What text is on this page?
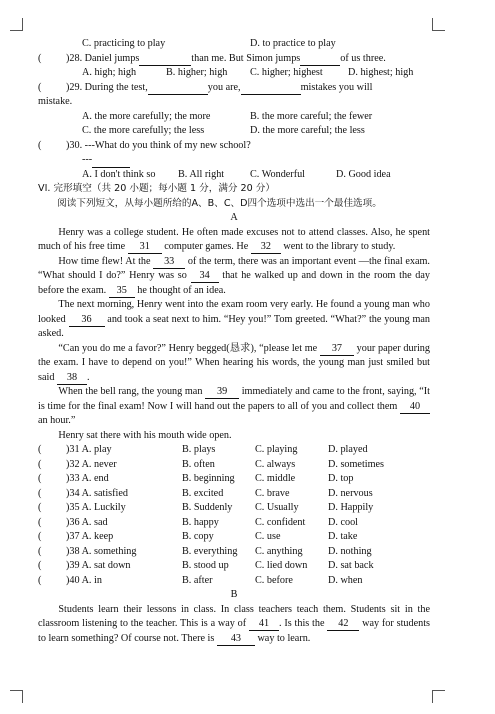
C. practicing to play	D. to practice to play
(	)28. Daniel jumps	than me. But Simon jumps	of us three.
A. high; high	B. higher; high	C. higher; highest	D. highest; high
(	)29. During the test,	you are,	mistakes you will
mistake.
A. the more carefully; the more	B. the more careful; the fewer
C. the more carefully; the less	D. the more careful; the less
(	)30. ---What do you think of my new school?
---
A. I don't think so	B. All right	C. Wonderful	D. Good idea
VI. 完形填空（共 20 小题；每小题 1 分，满分 20 分）

阅读下列短文，从每小题所给的A、B、C、D四个选项中选出一个最佳选项。

A

Henry was a college student. He often made excuses not to attend classes. Also, he spent much of his free time 31 computer games. He 32 went to the library to study.

How time flew! At the 33 of the term, there was an important event —the final exam. “What should I do?” Henry was so 34 that he walked up and down in the room the day before the exam. 35 he thought of an idea.

The next morning, Henry went into the exam room very early. He found a young man who looked 36 and took a seat next to him. “Hey you!” Tom greeted. “What?” the young man asked.

“Can you do me a favor?” Henry begged(恳求), “please let me 37 your paper during the exam. I have to depend on you!” When hearing his words, the young man just smiled but said 38 .

When the bell rang, the young man 39 immediately and came to the front, saying, “It is time for the final exam! Now I will hand out the papers to all of you and collect them 40 an hour.”

Henry sat there with his mouth wide open.

(	)31 A. play	B. plays	C. playing	D. played
(	)32 A. never	B. often	C. always	D. sometimes
(	)33 A. end	B. beginning	C. middle	D. top
(	)34 A. satisfied	B. excited	C. brave	D. nervous
(	)35 A. Luckily	B. Suddenly	C. Usually	D. Happily
(	)36 A. sad	B. happy	C. confident	D. cool
(	)37 A. keep	B. copy	C. use	D. take
(	)38 A. something	B. everything	C. anything	D. nothing
(	)39 A. sat down	B. stood up	C. lied down	D. sat back
(	)40 A. in	B. after	C. before	D. when
B

Students learn their lessons in class. In class teachers teach them. Students sit in the classroom listening to the teacher. This is a way of 41 . Is this the 42 way for students to learn something? Of course not. There is 43 way to learn.
